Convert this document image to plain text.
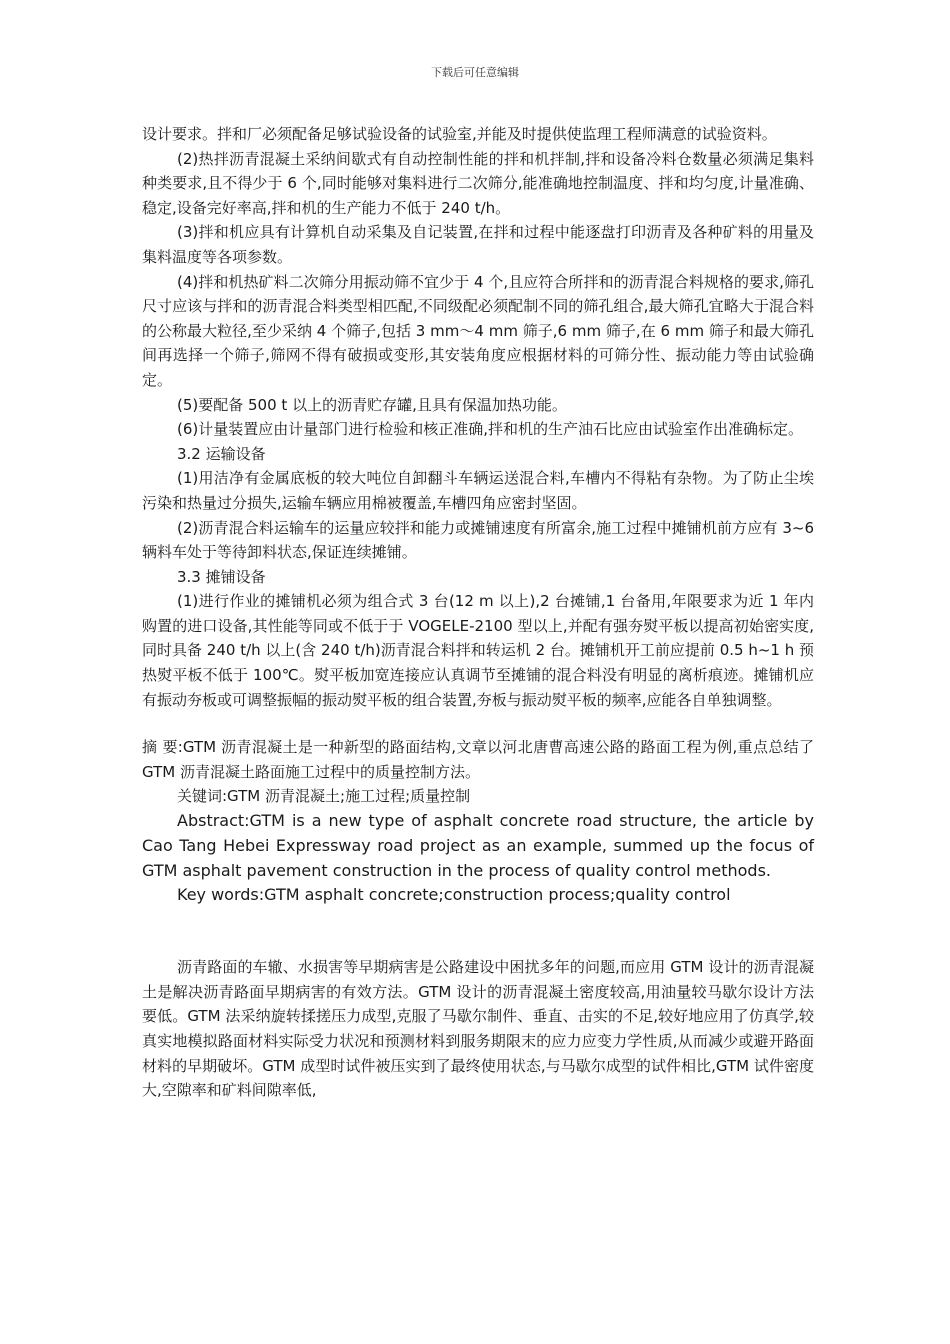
下载后可任意编辑

设计要求。拌和厂必须配备足够试验设备的试验室,并能及时提供使监理工程师满意的试验资料。

(2)热拌沥青混凝土采纳间歇式有自动控制性能的拌和机拌制,拌和设备冷料仓数量必须满足集料种类要求,且不得少于 6 个,同时能够对集料进行二次筛分,能准确地控制温度、拌和均匀度,计量准确、稳定,设备完好率高,拌和机的生产能力不低于 240 t/h。

(3)拌和机应具有计算机自动采集及自记装置,在拌和过程中能逐盘打印沥青及各种矿料的用量及集料温度等各项参数。

(4)拌和机热矿料二次筛分用振动筛不宜少于 4 个,且应符合所拌和的沥青混合料规格的要求,筛孔尺寸应该与拌和的沥青混合料类型相匹配,不同级配必须配制不同的筛孔组合,最大筛孔宜略大于混合料的公称最大粒径,至少采纳 4 个筛子,包括 3 mm～4 mm 筛子,6 mm 筛子,在 6 mm 筛子和最大筛孔间再选择一个筛子,筛网不得有破损或变形,其安装角度应根据材料的可筛分性、振动能力等由试验确定。

(5)要配备 500 t 以上的沥青贮存罐,且具有保温加热功能。

(6)计量装置应由计量部门进行检验和核正准确,拌和机的生产油石比应由试验室作出准确标定。

3.2 运输设备

(1)用洁净有金属底板的较大吨位自卸翻斗车辆运送混合料,车槽内不得粘有杂物。为了防止尘埃污染和热量过分损失,运输车辆应用棉被覆盖,车槽四角应密封坚固。

(2)沥青混合料运输车的运量应较拌和能力或摊铺速度有所富余,施工过程中摊铺机前方应有 3~6 辆料车处于等待卸料状态,保证连续摊铺。

3.3 摊铺设备

(1)进行作业的摊铺机必须为组合式 3 台(12 m 以上),2 台摊铺,1 台备用,年限要求为近 1 年内购置的进口设备,其性能等同或不低于于 VOGELE-2100 型以上,并配有强夯熨平板以提高初始密实度,同时具备 240 t/h 以上(含 240 t/h)沥青混合料拌和转运机 2 台。摊铺机开工前应提前 0.5 h~1 h 预热熨平板不低于 100℃。熨平板加宽连接应认真调节至摊铺的混合料没有明显的离析痕迹。摊铺机应有振动夯板或可调整振幅的振动熨平板的组合装置,夯板与振动熨平板的频率,应能各自单独调整。

摘 要:GTM 沥青混凝土是一种新型的路面结构,文章以河北唐曹高速公路的路面工程为例,重点总结了 GTM 沥青混凝土路面施工过程中的质量控制方法。

关键词:GTM 沥青混凝土;施工过程;质量控制

Abstract:GTM is a new type of asphalt concrete road structure, the article by Cao Tang Hebei Expressway road project as an example, summed up the focus of GTM asphalt pavement construction in the process of quality control methods.

Key words:GTM asphalt concrete;construction process;quality control

沥青路面的车辙、水损害等早期病害是公路建设中困扰多年的问题,而应用 GTM 设计的沥青混凝土是解决沥青路面早期病害的有效方法。GTM 设计的沥青混凝土密度较高,用油量较马歇尔设计方法要低。GTM 法采纳旋转揉搓压力成型,克服了马歇尔制件、垂直、击实的不足,较好地应用了仿真学,较真实地模拟路面材料实际受力状况和预测材料到服务期限末的应力应变力学性质,从而减少或避开路面材料的早期破坏。GTM 成型时试件被压实到了最终使用状态,与马歇尔成型的试件相比,GTM 试件密度大,空隙率和矿料间隙率低,
